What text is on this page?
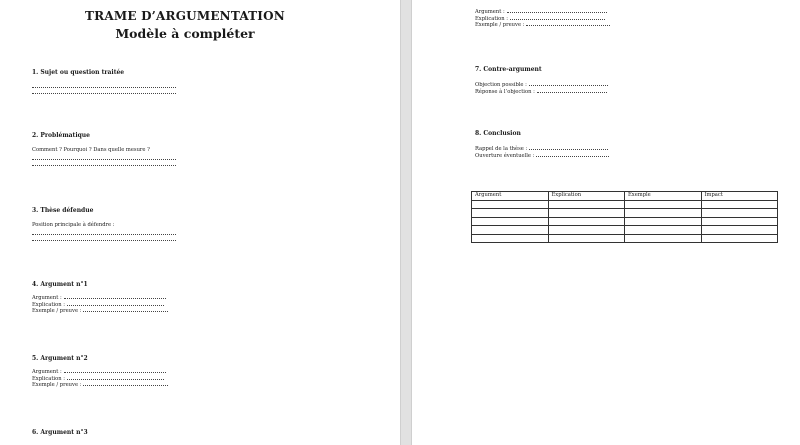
TRAME D’ARGUMENTATION
Modèle à compléter
1. Sujet ou question traitée
2. Problématique
Comment ? Pourquoi ? Dans quelle mesure ?
3. Thèse défendue
Position principale à défendre :
4. Argument n°1
Argument :
Explication :
Exemple / preuve :
5. Argument n°2
Argument :
Explication :
Exemple / preuve :
6. Argument n°3
Argument :
Explication :
Exemple / preuve :
7. Contre-argument
Objection possible :
Réponse à l’objection :
8. Conclusion
Rappel de la thèse :
Ouverture éventuelle :
Argument	Explication	Exemple	Impact
